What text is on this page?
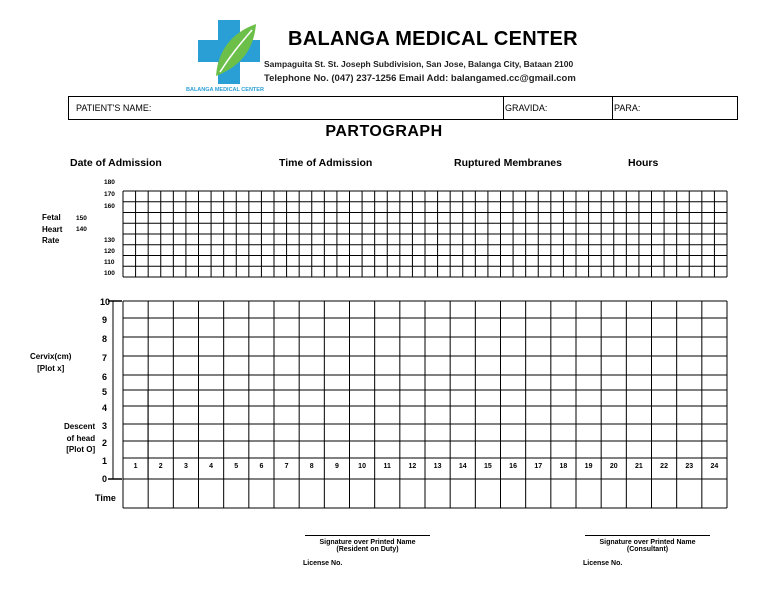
BALANGA MEDICAL CENTER
Sampaguita St. St. Joseph Subdivision, San Jose, Balanga City, Bataan 2100
Telephone No. (047) 237-1256 Email Add: balangamed.cc@gmail.com
BALANGA MEDICAL CENTER
PATIENT'S NAME:	GRAVIDA:	PARA:
PARTOGRAPH
Date of Admission	Time of Admission	Ruptured Membranes	Hours
180
170
160
150
140
130
120
110
100
Fetal
Heart
Rate
Cervix(cm)
[Plot x]
Descent
of head
[Plot O]
10
9
8
7
6
5
4
3
2
1
0
Time
1	2	3	4	5	6	7	8	9	10	11	12	13	14	15	16	17	18	19	20	21	22	23	24
Signature over Printed Name
(Resident on Duty)
License No.
Signature over Printed Name
(Consultant)
License No.
